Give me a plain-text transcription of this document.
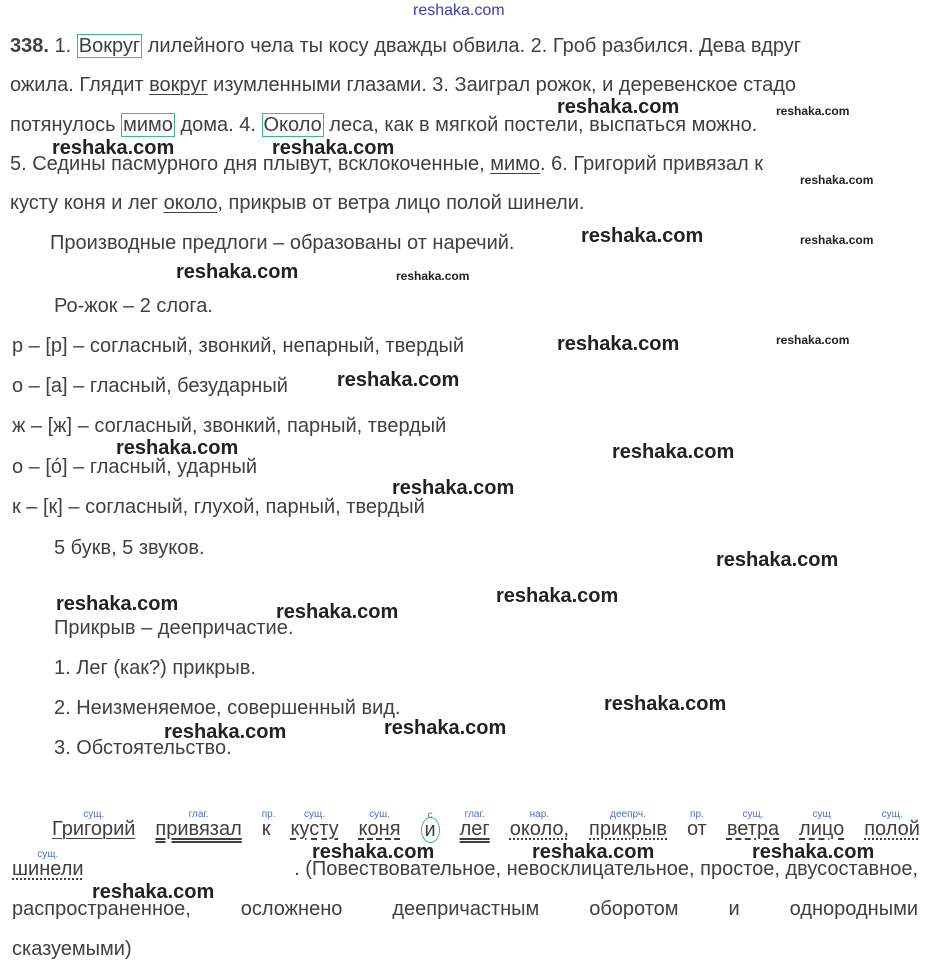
reshaka.com
338. 1. Вокруг лилейного чела ты косу дважды обвила. 2. Гроб разбился. Дева вдруг
ожила. Глядит вокруг изумленными глазами. 3. Заиграл рожок, и деревенское стадо
потянулось мимо дома. 4. Около леса, как в мягкой постели, выспаться можно.
5. Седины пасмурного дня плывут, всклокоченные, мимо. 6. Григорий привязал к
кусту коня и лег около, прикрыв от ветра лицо полой шинели.
Производные предлоги – образованы от наречий.
Ро-жок – 2 слога.
р – [р] – согласный, звонкий, непарный, твердый
о – [а] – гласный, безударный
ж – [ж] – согласный, звонкий, парный, твердый
о – [ó] – гласный, ударный
к – [к] – согласный, глухой, парный, твердый
5 букв, 5 звуков.
Прикрыв – деепричастие.
1. Лег (как?) прикрыв.
2. Неизменяемое, совершенный вид.
3. Обстоятельство.
сущ.
Григорий
глаг.
привязал
пр.
к
сущ.
кусту
суш.
коня
с
и
глаг.
лег
нар.
около,
деепрч.
прикрыв
пр.
от
сущ.
ветра
сущ
лицо
сущ.
полой
сущ.
шинели	. (Повествовательное, невосклицательное, простое, двусоставное,
распространенное, осложнено деепричастным оборотом и однородными
сказуемыми)
reshaka.com	reshaka.com
reshaka.com	reshaka.com
reshaka.com
reshaka.com	reshaka.com
reshaka.com	reshaka.com
reshaka.com	reshaka.com
reshaka.com
reshaka.com	reshaka.com
reshaka.com
reshaka.com
reshaka.com
reshaka.com	reshaka.com
reshaka.com
reshaka.com
reshaka.com
reshaka.com	reshaka.com	reshaka.com
reshaka.com
